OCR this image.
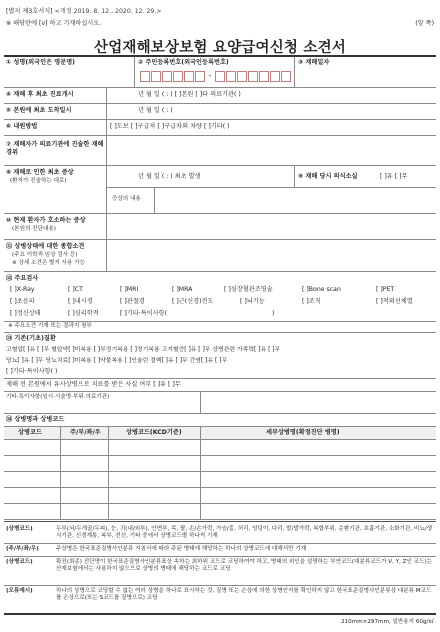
[별지 제3호서식] <개정 2019. 8. 12., 2020. 12. 29.>
※ 해당란에 [v] 하고 기재하십시오.	(앞 쪽)
산업재해보상보험 요양급여신청 소견서
① 성명(외국인은 영문명)	② 주민등록번호(외국인등록번호)
-
③ 재해일자
④ 재해 후 최초 진료개시	년 월 일 ( : ) [ ]본원 [ ]타 의료기관( )
⑤ 본원에 최초 도착일시	년 월 일 ( : )
⑥ 내원방법	[ ]도보 [ ]구급차 [ ]구급차외 차량 [ ]기타( )
⑦ 재해자가 의료기관에 진술한 재해경위
⑧ 재해로 인한 최초 증상
(환자가 진술하는 대로)
년 월 일 ( : ) 최초 발생	⑨ 재해 당시 의식소실	[ ]유 [ ]무
증상의 내용
⑩ 현재 환자가 호소하는 증상
(본원의 진단내용)
⑪ 상병상태에 대한 종합소견
(주요 이학적·임상 검사 등)
※ 상세 소견은 별지 사용 가능
⑫ 주요검사
[ ]X-Ray	[ ]CT	[ ]MRI	[ ]MRA	[ ]심장혈관조영술	[ ]Bone scan	[ ]PET
[ ]초음파	[ ]내시경	[ ]관절경	[ ]근(신경)전도	[ ]뇌기능	[ ]조직	[ ]적외선체열
[ ]정신상태	[ ]심리학적	[ ]기타·특이사항(	)
※ 주요소견 기재 또는 결과지 첨부
⑬ 기존(기초)질환
고혈압[ ]유 [ ]무 혈압약[ ]미복용 [ ]부정기복용 [ ]정기복용 고지혈증[ ]유 [ ]무 상병관련 가족력[ ]유 [ ]무
당뇨[ ]유 [ ]무 당뇨치료[ ]미복용 [ ]약물복용 [ ]인슐린 결핵[ ]유 [ ]무 간염[ ]유 [ ]무
[ ]기타·특이사항( )
재해 전 본원에서 유사상병으로 치료를 받은 사실 여부 [ ]유 [ ]무
기타·특이사항(일시·시술명·부위·의료기관)
⑭ 상병명과 상병코드
상병코드	주/부/좌/우	상병코드(KCD기준)	세부상병명(확정진단 병명)
(상병코드)	두부(뇌/두개골/두피), 눈, 귀(내/외부), 안면부, 목, 팔, 손/손가락, 가슴/흉, 허리, 엉덩이, 다리, 발/발가락, 복합부위, 순환기관, 호흡기관, 소화기관, 비뇨/생식기관, 신경계통, 복부, 전신, 기타 중에서 상병코드별 하나씩 기재
(주/부/좌/우)	주상병은 한국표준질병사인분류 지침서에 따라 주된 병태에 해당하는 하나의 상병코드에 대해서만 기재
(상병코드)	확진(최종) 진단명이 한국표준질병사인분류표상 속하는 최하위 코드로 코딩하여야 하고, 병태의 외인을 설명하는 부연코드(대분류코드가 V, Y, Z인 코드)는 산재보험에서는 사용하지 않으므로 상병의 병태에 해당하는 코드로 코딩
(오류예시)	하나의 상병으로 코딩할 수 없는 여러 상병을 하나로 표시하는 것, 질병 또는 손상에 의한 상병인지를 확인하지 않고 한국표준질병사인분류상 대분류 M코드를 손상으로(또는 S코드를 질병으로) 코딩
210mm×297mm, 일반용지 60g/㎡
